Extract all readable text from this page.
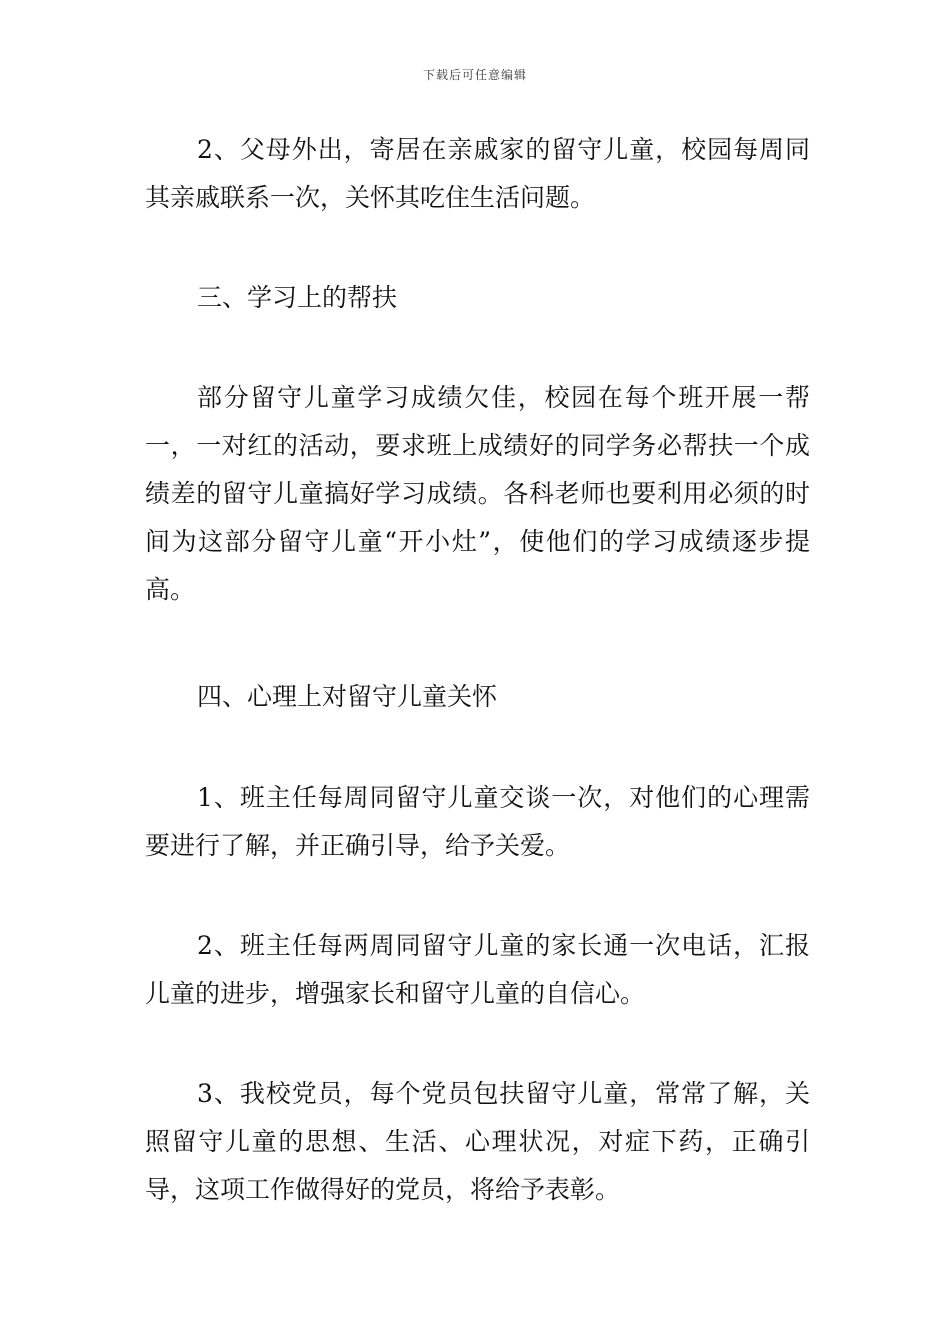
下载后可任意编辑

2、父母外出，寄居在亲戚家的留守儿童，校园每周同其亲戚联系一次，关怀其吃住生活问题。

三、学习上的帮扶

部分留守儿童学习成绩欠佳，校园在每个班开展一帮一，一对红的活动，要求班上成绩好的同学务必帮扶一个成绩差的留守儿童搞好学习成绩。各科老师也要利用必须的时间为这部分留守儿童“开小灶”，使他们的学习成绩逐步提高。

四、心理上对留守儿童关怀

1、班主任每周同留守儿童交谈一次，对他们的心理需要进行了解，并正确引导，给予关爱。

2、班主任每两周同留守儿童的家长通一次电话，汇报儿童的进步，增强家长和留守儿童的自信心。

3、我校党员，每个党员包扶留守儿童，常常了解，关照留守儿童的思想、生活、心理状况，对症下药，正确引导，这项工作做得好的党员，将给予表彰。
